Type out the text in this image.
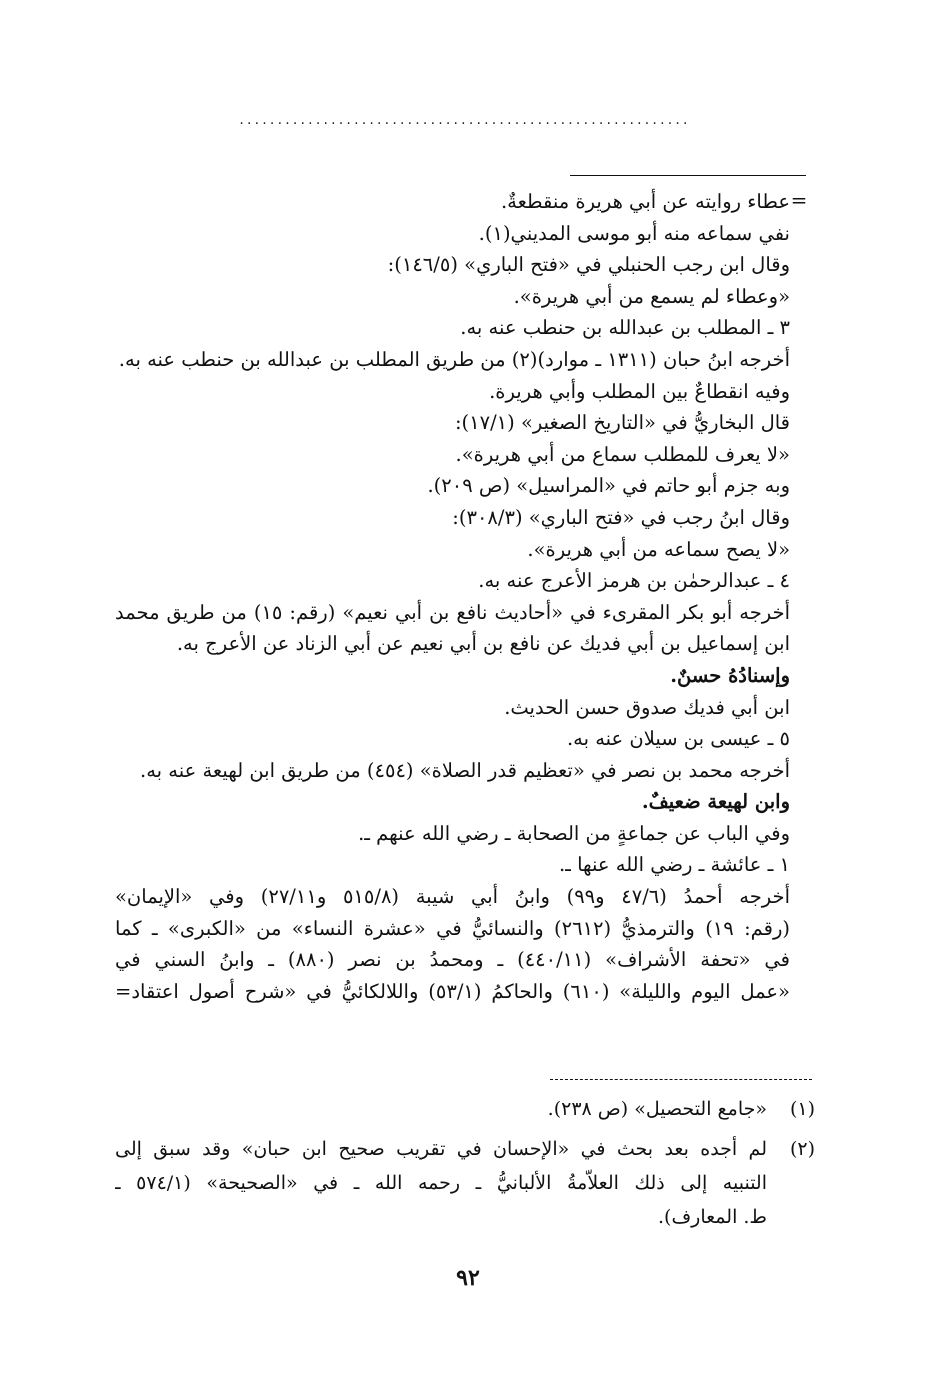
...........................................................
=
عطاء روايته عن أبي هريرة منقطعةٌ.
نفي سماعه منه أبو موسى المديني(١).
وقال ابن رجب الحنبلي في «فتح الباري» (١٤٦/٥):
«وعطاء لم يسمع من أبي هريرة».
٣ ـ المطلب بن عبدالله بن حنطب عنه به.
أخرجه ابنُ حبان (١٣١١ ـ موارد)(٢) من طريق المطلب بن عبدالله بن حنطب عنه به.
وفيه انقطاعٌ بين المطلب وأبي هريرة.
قال البخاريُّ في «التاريخ الصغير» (١٧/١):
«لا يعرف للمطلب سماع من أبي هريرة».
وبه جزم أبو حاتم في «المراسيل» (ص ٢٠٩).
وقال ابنُ رجب في «فتح الباري» (٣٠٨/٣):
«لا يصح سماعه من أبي هريرة».
٤ ـ عبدالرحمٰن بن هرمز الأعرج عنه به.
أخرجه أبو بكر المقرىء في «أحاديث نافع بن أبي نعيم» (رقم: ١٥) من طريق محمد
ابن إسماعيل بن أبي فديك عن نافع بن أبي نعيم عن أبي الزناد عن الأعرج به.
وإسنادُهُ حسنٌ.
ابن أبي فديك صدوق حسن الحديث.
٥ ـ عيسى بن سيلان عنه به.
أخرجه محمد بن نصر في «تعظيم قدر الصلاة» (٤٥٤) من طريق ابن لهيعة عنه به.
وابن لهيعة ضعيفٌ.
وفي الباب عن جماعةٍ من الصحابة ـ رضي الله عنهم ـ.
١ ـ عائشة ـ رضي الله عنها ـ.
أخرجه أحمدُ (٤٧/٦ و٩٩) وابنُ أبي شيبة (٥١٥/٨ و٢٧/١١) وفي «الإيمان»
(رقم: ١٩) والترمذيُّ (٢٦١٢) والنسائيُّ في «عشرة النساء» من «الكبرى» ـ كما
في «تحفة الأشراف» (٤٤٠/١١) ـ ومحمدُ بن نصر (٨٨٠) ـ وابنُ السني في
«عمل اليوم والليلة» (٦١٠) والحاكمُ (٥٣/١) واللالكائيُّ في «شرح أصول اعتقاد=
(١)
«جامع التحصيل» (ص ٢٣٨).
(٢)
لم أجده بعد بحث في «الإحسان في تقريب صحيح ابن حبان» وقد سبق إلى
التنبيه إلى ذلك العلاّمةُ الألبانيُّ ـ رحمه الله ـ في «الصحيحة» (٥٧٤/١ ـ
ط. المعارف).
٩٢
